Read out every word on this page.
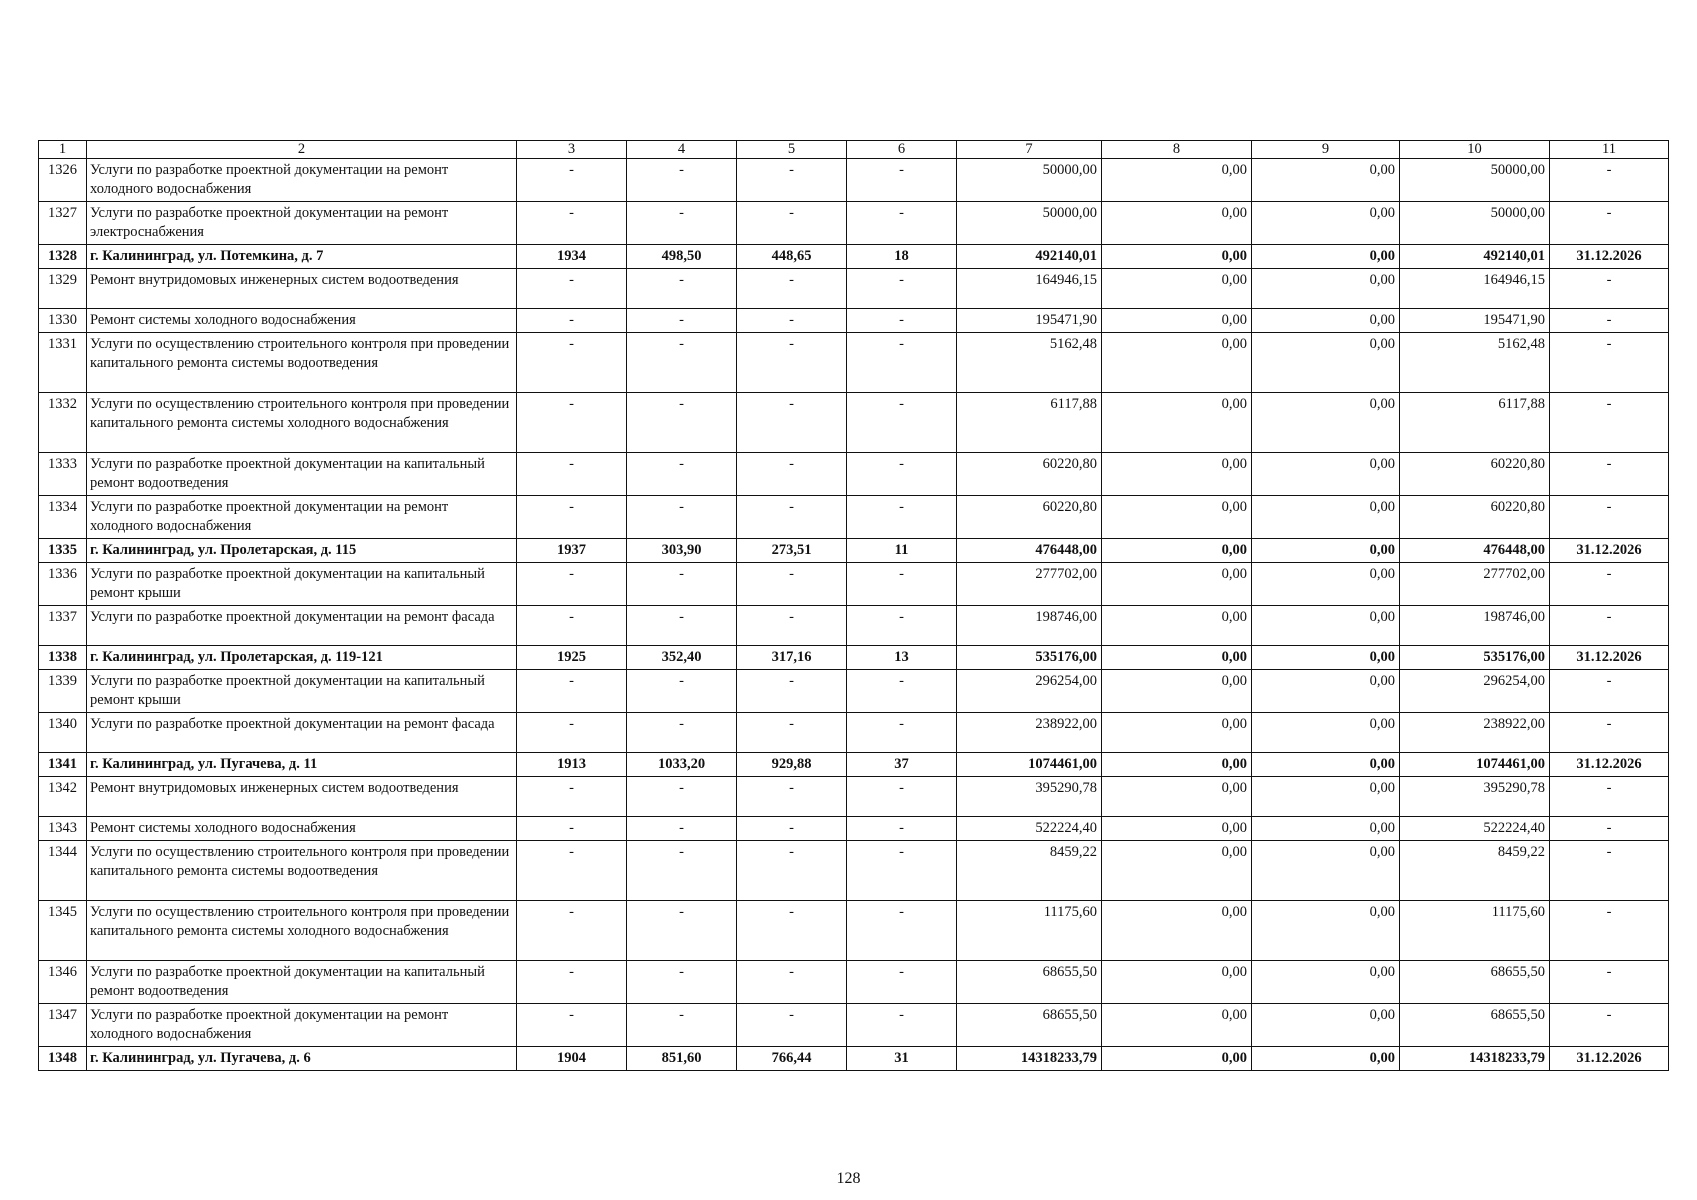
1	2	3	4	5	6	7	8	9	10	11
1326	Услуги по разработке проектной документации на ремонт холодного водоснабжения	-	-	-	-	50000,00	0,00	0,00	50000,00	-
1327	Услуги по разработке проектной документации на ремонт электроснабжения	-	-	-	-	50000,00	0,00	0,00	50000,00	-
1328	г. Калининград, ул. Потемкина, д. 7	1934	498,50	448,65	18	492140,01	0,00	0,00	492140,01	31.12.2026
1329	Ремонт внутридомовых инженерных систем водоотведения	-	-	-	-	164946,15	0,00	0,00	164946,15	-
1330	Ремонт системы холодного водоснабжения	-	-	-	-	195471,90	0,00	0,00	195471,90	-
1331	Услуги по осуществлению строительного контроля при проведении капитального ремонта системы водоотведения	-	-	-	-	5162,48	0,00	0,00	5162,48	-
1332	Услуги по осуществлению строительного контроля при проведении капитального ремонта системы холодного водоснабжения	-	-	-	-	6117,88	0,00	0,00	6117,88	-
1333	Услуги по разработке проектной документации на капитальный ремонт водоотведения	-	-	-	-	60220,80	0,00	0,00	60220,80	-
1334	Услуги по разработке проектной документации на ремонт холодного водоснабжения	-	-	-	-	60220,80	0,00	0,00	60220,80	-
1335	г. Калининград, ул. Пролетарская, д. 115	1937	303,90	273,51	11	476448,00	0,00	0,00	476448,00	31.12.2026
1336	Услуги по разработке проектной документации на капитальный ремонт крыши	-	-	-	-	277702,00	0,00	0,00	277702,00	-
1337	Услуги по разработке проектной документации на ремонт фасада	-	-	-	-	198746,00	0,00	0,00	198746,00	-
1338	г. Калининград, ул. Пролетарская, д. 119-121	1925	352,40	317,16	13	535176,00	0,00	0,00	535176,00	31.12.2026
1339	Услуги по разработке проектной документации на капитальный ремонт крыши	-	-	-	-	296254,00	0,00	0,00	296254,00	-
1340	Услуги по разработке проектной документации на ремонт фасада	-	-	-	-	238922,00	0,00	0,00	238922,00	-
1341	г. Калининград, ул. Пугачева, д. 11	1913	1033,20	929,88	37	1074461,00	0,00	0,00	1074461,00	31.12.2026
1342	Ремонт внутридомовых инженерных систем водоотведения	-	-	-	-	395290,78	0,00	0,00	395290,78	-
1343	Ремонт системы холодного водоснабжения	-	-	-	-	522224,40	0,00	0,00	522224,40	-
1344	Услуги по осуществлению строительного контроля при проведении капитального ремонта системы водоотведения	-	-	-	-	8459,22	0,00	0,00	8459,22	-
1345	Услуги по осуществлению строительного контроля при проведении капитального ремонта системы холодного водоснабжения	-	-	-	-	11175,60	0,00	0,00	11175,60	-
1346	Услуги по разработке проектной документации на капитальный ремонт водоотведения	-	-	-	-	68655,50	0,00	0,00	68655,50	-
1347	Услуги по разработке проектной документации на ремонт холодного водоснабжения	-	-	-	-	68655,50	0,00	0,00	68655,50	-
1348	г. Калининград, ул. Пугачева, д. 6	1904	851,60	766,44	31	14318233,79	0,00	0,00	14318233,79	31.12.2026
128
